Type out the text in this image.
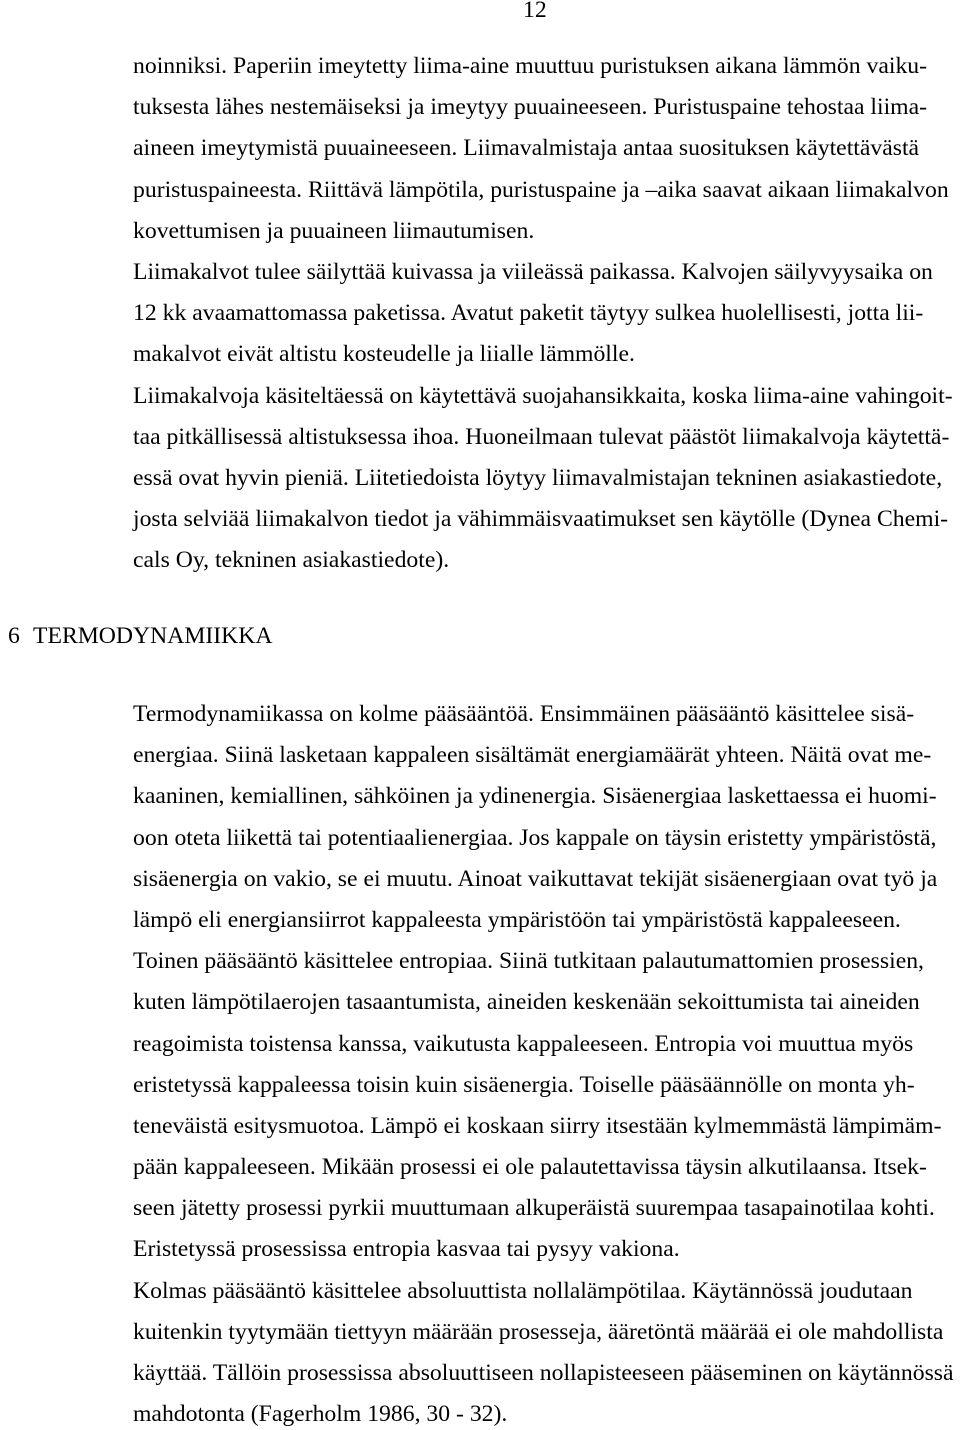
12
noinniksi. Paperiin imeytetty liima-aine muuttuu puristuksen aikana lämmön vaiku-
tuksesta lähes nestemäiseksi ja imeytyy puuaineeseen. Puristuspaine tehostaa liima-
aineen imeytymistä puuaineeseen. Liimavalmistaja antaa suosituksen käytettävästä
puristuspaineesta. Riittävä lämpötila, puristuspaine ja –aika saavat aikaan liimakalvon
kovettumisen ja puuaineen liimautumisen.
Liimakalvot tulee säilyttää kuivassa ja viileässä paikassa. Kalvojen säilyvyysaika on
12 kk avaamattomassa paketissa. Avatut paketit täytyy sulkea huolellisesti, jotta lii-
makalvot eivät altistu kosteudelle ja liialle lämmölle.
Liimakalvoja käsiteltäessä on käytettävä suojahansikkaita, koska liima-aine vahingoit-
taa pitkällisessä altistuksessa ihoa. Huoneilmaan tulevat päästöt liimakalvoja käytettä-
essä ovat hyvin pieniä. Liitetiedoista löytyy liimavalmistajan tekninen asiakastiedote,
josta selviää liimakalvon tiedot ja vähimmäisvaatimukset sen käytölle (Dynea Chemi-
cals Oy, tekninen asiakastiedote).
6 TERMODYNAMIIKKA
Termodynamiikassa on kolme pääsääntöä. Ensimmäinen pääsääntö käsittelee sisä-
energiaa. Siinä lasketaan kappaleen sisältämät energiamäärät yhteen. Näitä ovat me-
kaaninen, kemiallinen, sähköinen ja ydinenergia. Sisäenergiaa laskettaessa ei huomi-
oon oteta liikettä tai potentiaalienergiaa. Jos kappale on täysin eristetty ympäristöstä,
sisäenergia on vakio, se ei muutu. Ainoat vaikuttavat tekijät sisäenergiaan ovat työ ja
lämpö eli energiansiirrot kappaleesta ympäristöön tai ympäristöstä kappaleeseen.
Toinen pääsääntö käsittelee entropiaa. Siinä tutkitaan palautumattomien prosessien,
kuten lämpötilaerojen tasaantumista, aineiden keskenään sekoittumista tai aineiden
reagoimista toistensa kanssa, vaikutusta kappaleeseen. Entropia voi muuttua myös
eristetyssä kappaleessa toisin kuin sisäenergia. Toiselle pääsäännölle on monta yh-
teneväistä esitysmuotoa. Lämpö ei koskaan siirry itsestään kylmemmästä lämpimäm-
pään kappaleeseen. Mikään prosessi ei ole palautettavissa täysin alkutilaansa. Itsek-
seen jätetty prosessi pyrkii muuttumaan alkuperäistä suurempaa tasapainotilaa kohti.
Eristetyssä prosessissa entropia kasvaa tai pysyy vakiona.
Kolmas pääsääntö käsittelee absoluuttista nollalämpötilaa. Käytännössä joudutaan
kuitenkin tyytymään tiettyyn määrään prosesseja, ääretöntä määrää ei ole mahdollista
käyttää. Tällöin prosessissa absoluuttiseen nollapisteeseen pääseminen on käytännössä
mahdotonta (Fagerholm 1986, 30 - 32).
